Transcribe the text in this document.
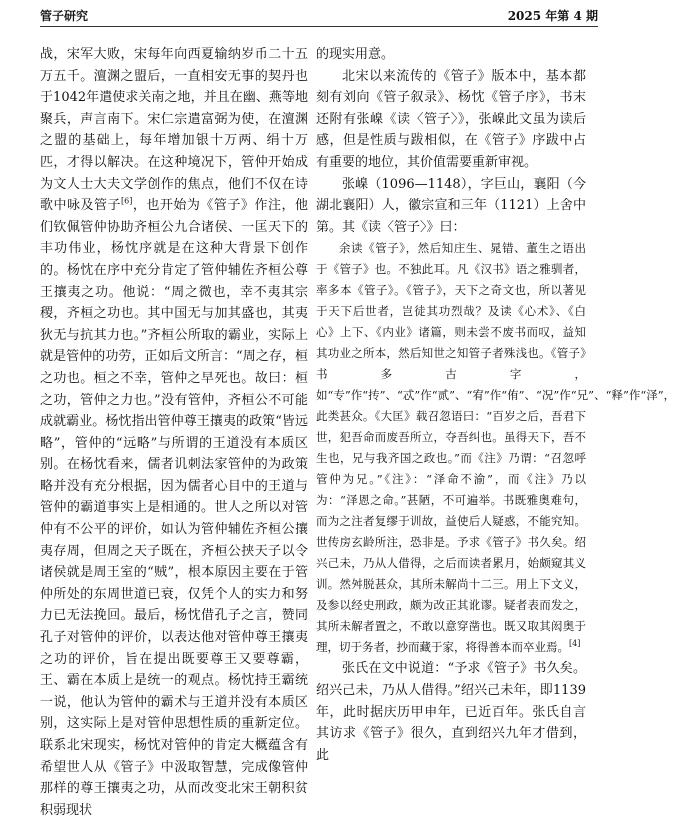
管子研究	2025 年第 4 期

战，宋军大败，宋每年向西夏输纳岁币二十五万五千。澶渊之盟后，一直相安无事的契丹也于1042年遣使求关南之地，并且在幽、燕等地聚兵，声言南下。宋仁宗遣富弼为使，在澶渊之盟的基础上，每年增加银十万两、绢十万匹，才得以解决。在这种境况下，管仲开始成为文人士大夫文学创作的焦点，他们不仅在诗歌中咏及管子[6]，也开始为《管子》作注，他们钦佩管仲协助齐桓公九合诸侯、一匡天下的丰功伟业，杨忱序就是在这种大背景下创作的。杨忱在序中充分肯定了管仲辅佐齐桓公尊王攘夷之功。他说：“周之微也，幸不夷其宗稷，齐桓之功也。其中国无与加其盛也，其夷狄无与抗其力也。”齐桓公所取的霸业，实际上就是管仲的功劳，正如后文所言：“周之存，桓之功也。桓之不幸，管仲之早死也。故曰：桓之功，管仲之力也。”没有管仲，齐桓公不可能成就霸业。杨忱指出管仲尊王攘夷的政策“皆远略”，管仲的“远略”与所谓的王道没有本质区别。在杨忱看来，儒者讥刺法家管仲的为政策略并没有充分根据，因为儒者心目中的王道与管仲的霸道事实上是相通的。世人之所以对管仲有不公平的评价，如认为管仲辅佐齐桓公攘夷存周，但周之天子既在，齐桓公挟天子以令诸侯就是周王室的“贼”，根本原因主要在于管仲所处的东周世道已衰，仅凭个人的实力和努力已无法挽回。最后，杨忱借孔子之言，赞同孔子对管仲的评价，以表达他对管仲尊王攘夷之功的评价，旨在提出既要尊王又要尊霸，王、霸在本质上是统一的观点。杨忱持王霸统一说，他认为管仲的霸术与王道并没有本质区别，这实际上是对管仲思想性质的重新定位。联系北宋现实，杨忱对管仲的肯定大概蕴含有希望世人从《管子》中汲取智慧，完成像管仲那样的尊王攘夷之功，从而改变北宋王朝积贫积弱现状

的现实用意。

北宋以来流传的《管子》版本中，基本都刻有刘向《管子叙录》、杨忱《管子序》，书末还附有张嵲《读〈管子〉》，张嵲此文虽为读后感，但是性质与跋相似，在《管子》序跋中占有重要的地位，其价值需要重新审视。

张嵲（1096—1148），字巨山，襄阳（今湖北襄阳）人，徽宗宣和三年（1121）上舍中第。其《读〈管子〉》曰：

余读《管子》，然后知庄生、晁错、董生之语出于《管子》也。不独此耳。凡《汉书》语之雅驯者，率多本《管子》。《管子》，天下之奇文也，所以著见于天下后世者，岂徒其功烈哉？及读《心术》、《白心》上下、《内业》诸篇，则未尝不废书而叹，益知其功业之所本，然后知世之知管子者殊浅也。《管子》书多古字，如“专”作“抟”、“忒”作“贰”、“宥”作“侑”、“况”作“兄”、“释”作“泽”，此类甚众。《大匡》载召忽语曰：“百岁之后，吾君下世，犯吾命而废吾所立，夺吾纠也。虽得天下，吾不生也，兄与我齐国之政也。”而《注》乃谓：“召忽呼管仲为兄。”《注》：“泽命不渝”，而《注》乃以为：“泽恩之命。”甚陋，不可遍举。书既雅奥难句，而为之注者复缪于训故，益使后人疑惑，不能究知。世传房玄龄所注，恐非是。予求《管子》书久矣。绍兴己未，乃从人借得，之后而读者累月，始颇窥其义训。然舛脱甚众，其所未解尚十二三。用上下文义，及参以经史刑政，颇为改正其讹谬。疑者表而发之，其所未解者置之，不敢以意穿凿也。既又取其闳奥于理，切于务者，抄而藏于家，将得善本而卒业焉。[4]

张氏在文中说道：“予求《管子》书久矣。绍兴己未，乃从人借得。”绍兴己未年，即1139年，此时据庆历甲申年，已近百年。张氏自言其访求《管子》很久，直到绍兴九年才借到，此
